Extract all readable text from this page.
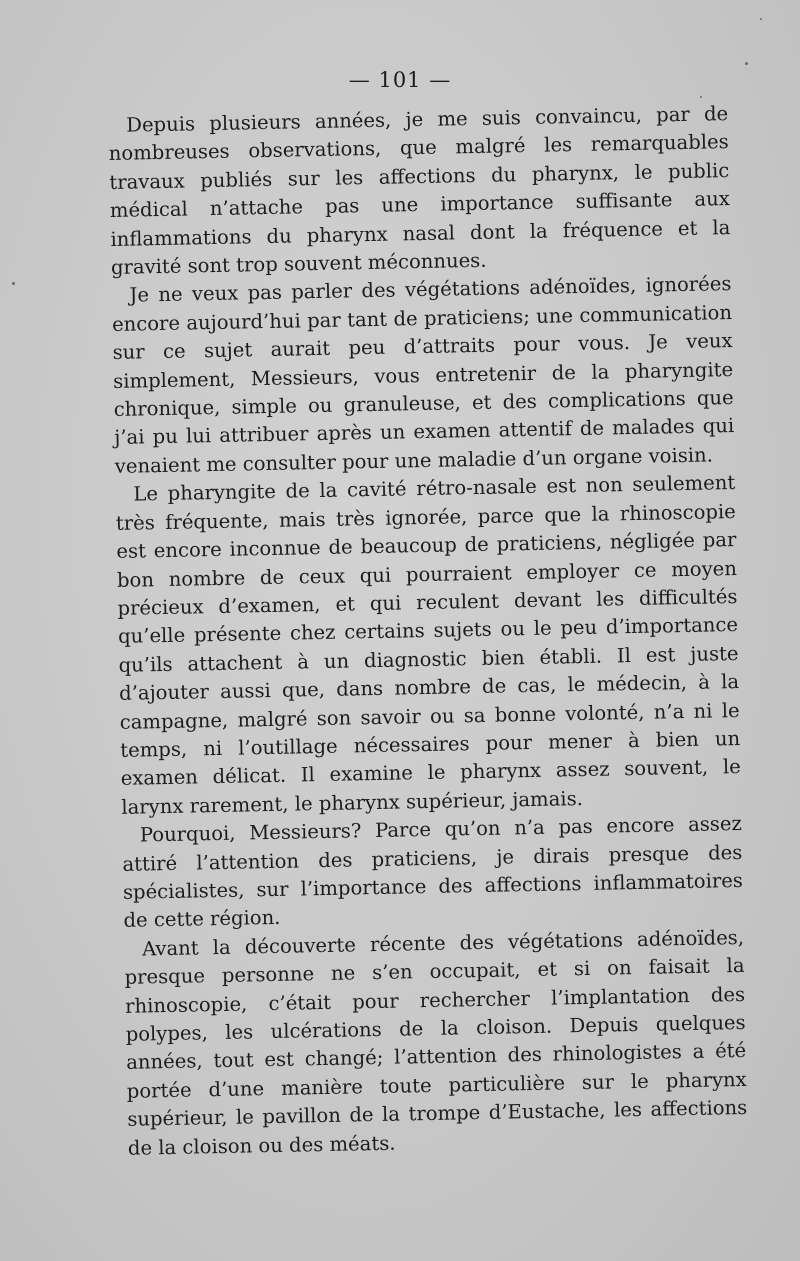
— 101 —

Depuis plusieurs années, je me suis convaincu, par de nombreuses observations, que malgré les remarquables travaux publiés sur les affections du pharynx, le public médical n’attache pas une importance suffisante aux inflammations du pharynx nasal dont la fréquence et la gravité sont trop souvent méconnues.

Je ne veux pas parler des végétations adénoïdes, ignorées encore aujourd’hui par tant de praticiens; une communication sur ce sujet aurait peu d’attraits pour vous. Je veux simplement, Messieurs, vous entretenir de la pharyngite chronique, simple ou granuleuse, et des complications que j’ai pu lui attribuer après un examen attentif de malades qui venaient me consulter pour une maladie d’un organe voisin.

Le pharyngite de la cavité rétro-nasale est non seulement très fréquente, mais très ignorée, parce que la rhinoscopie est encore inconnue de beaucoup de praticiens, négligée par bon nombre de ceux qui pourraient employer ce moyen précieux d’examen, et qui reculent devant les difficultés qu’elle présente chez certains sujets ou le peu d’importance qu’ils attachent à un diagnostic bien établi. Il est juste d’ajouter aussi que, dans nombre de cas, le médecin, à la campagne, malgré son savoir ou sa bonne volonté, n’a ni le temps, ni l’outillage nécessaires pour mener à bien un examen délicat. Il examine le pharynx assez souvent, le larynx rarement, le pharynx supérieur, jamais.

Pourquoi, Messieurs? Parce qu’on n’a pas encore assez attiré l’attention des praticiens, je dirais presque des spécialistes, sur l’importance des affections inflammatoires de cette région.

Avant la découverte récente des végétations adénoïdes, presque personne ne s’en occupait, et si on faisait la rhinoscopie, c’était pour rechercher l’implantation des polypes, les ulcérations de la cloison. Depuis quelques années, tout est changé; l’attention des rhinologistes a été portée d’une manière toute particulière sur le pharynx supérieur, le pavillon de la trompe d’Eustache, les affections de la cloison ou des méats.
